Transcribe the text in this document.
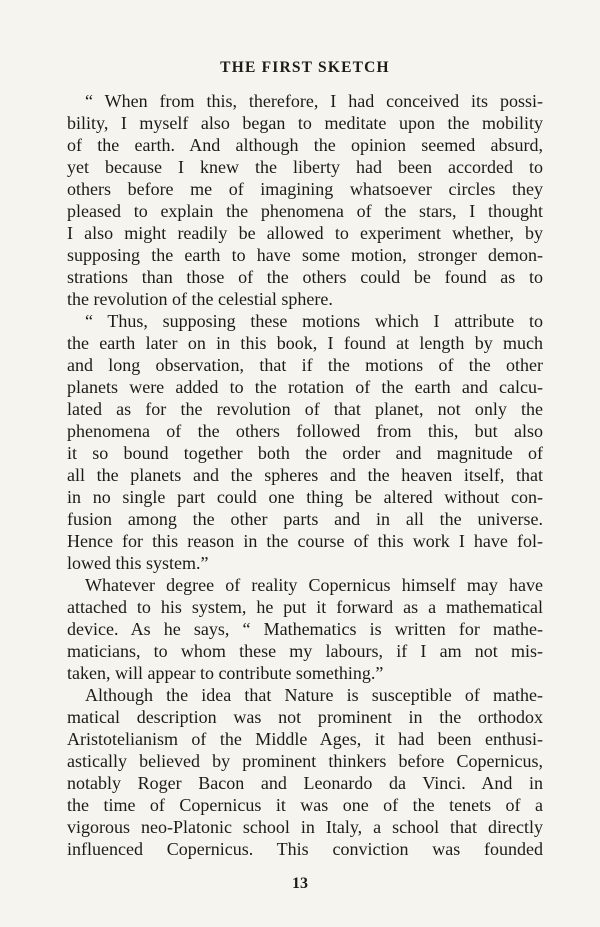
THE FIRST SKETCH
“ When from this, therefore, I had conceived its possi-
bility, I myself also began to meditate upon the mobility
of the earth. And although the opinion seemed absurd,
yet because I knew the liberty had been accorded to
others before me of imagining whatsoever circles they
pleased to explain the phenomena of the stars, I thought
I also might readily be allowed to experiment whether, by
supposing the earth to have some motion, stronger demon-
strations than those of the others could be found as to
the revolution of the celestial sphere.
“ Thus, supposing these motions which I attribute to
the earth later on in this book, I found at length by much
and long observation, that if the motions of the other
planets were added to the rotation of the earth and calcu-
lated as for the revolution of that planet, not only the
phenomena of the others followed from this, but also
it so bound together both the order and magnitude of
all the planets and the spheres and the heaven itself, that
in no single part could one thing be altered without con-
fusion among the other parts and in all the universe.
Hence for this reason in the course of this work I have fol-
lowed this system.”
Whatever degree of reality Copernicus himself may have
attached to his system, he put it forward as a mathematical
device. As he says, “ Mathematics is written for mathe-
maticians, to whom these my labours, if I am not mis-
taken, will appear to contribute something.”
Although the idea that Nature is susceptible of mathe-
matical description was not prominent in the orthodox
Aristotelianism of the Middle Ages, it had been enthusi-
astically believed by prominent thinkers before Copernicus,
notably Roger Bacon and Leonardo da Vinci. And in
the time of Copernicus it was one of the tenets of a
vigorous neo-Platonic school in Italy, a school that directly
influenced Copernicus. This conviction was founded
13
